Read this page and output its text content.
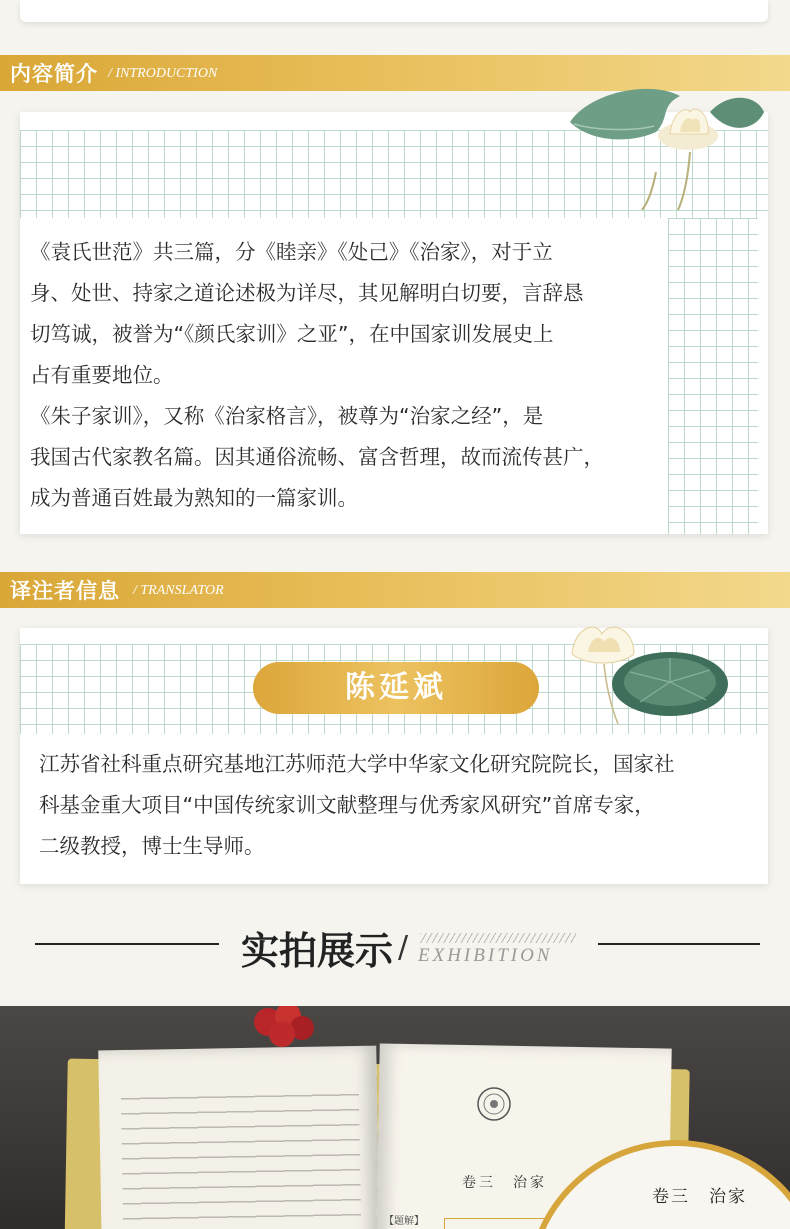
内容简介 / INTRODUCTION

《袁氏世范》共三篇，分《睦亲》《处己》《治家》，对于立

身、处世、持家之道论述极为详尽，其见解明白切要，言辞恳

切笃诚，被誉为“《颜氏家训》之亚”，在中国家训发展史上

占有重要地位。

《朱子家训》，又称《治家格言》，被尊为“治家之经”，是

我国古代家教名篇。因其通俗流畅、富含哲理，故而流传甚广，

成为普通百姓最为熟知的一篇家训。

译注者信息 / TRANSLATOR

江苏省社科重点研究基地江苏师范大学中华家文化研究院院长，国家社

科基金重大项目“中国传统家训文献整理与优秀家风研究”首席专家，

二级教授，博士生导师。

陈延斌
实拍展示 / EXHIBITION
卷三　治家
【题解】
卷三　治家
